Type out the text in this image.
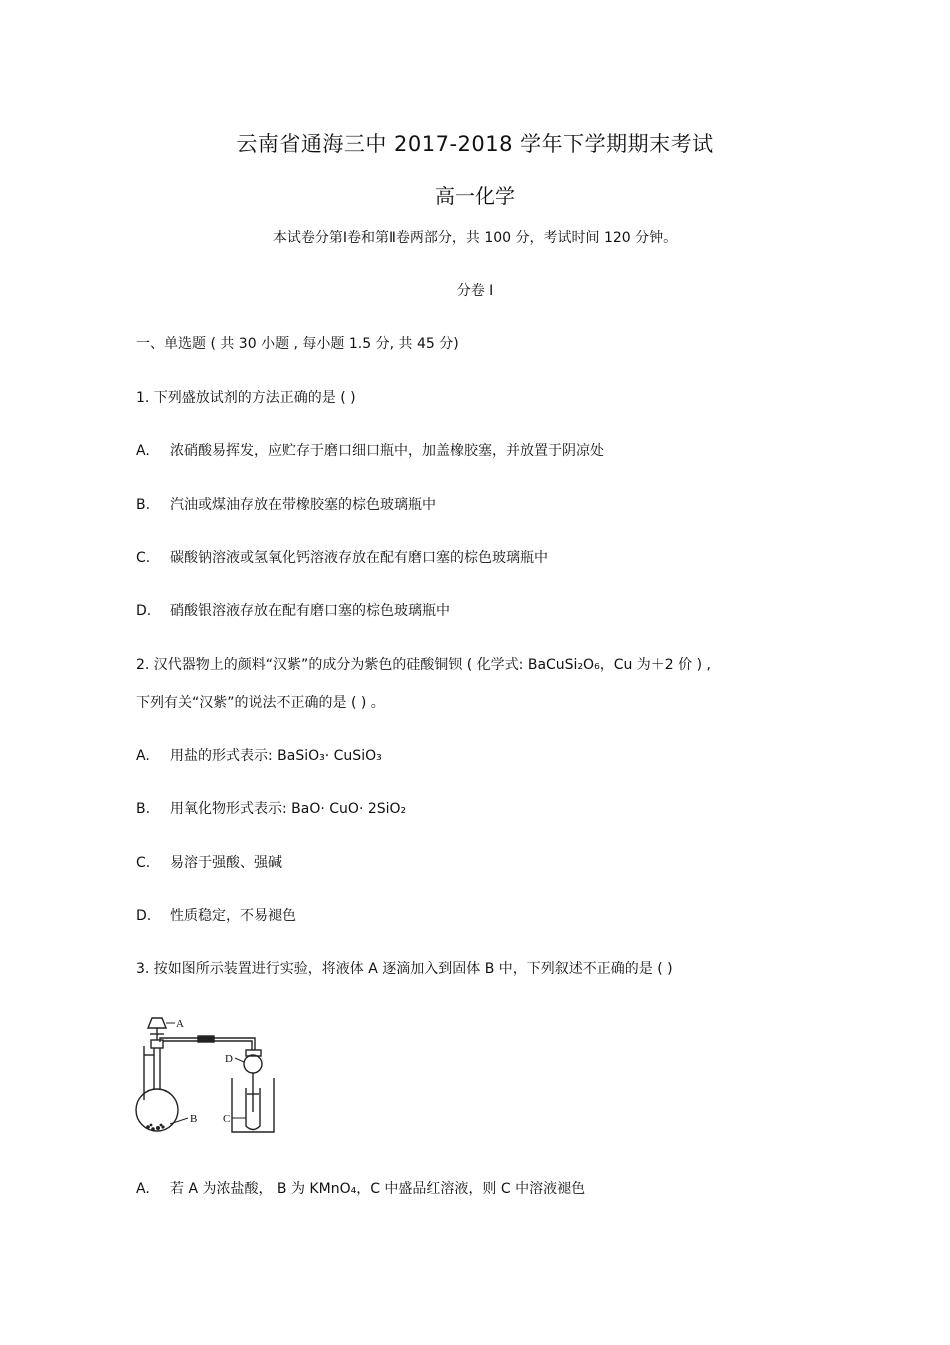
云南省通海三中 2017-2018 学年下学期期末考试
高一化学
本试卷分第Ⅰ卷和第Ⅱ卷两部分，共 100 分，考试时间 120 分钟。
分卷 Ⅰ
一、单选题 ( 共 30 小题 , 每小题 1.5 分, 共 45 分)
1. 下列盛放试剂的方法正确的是 ( )
A. 浓硝酸易挥发，应贮存于磨口细口瓶中，加盖橡胶塞，并放置于阴凉处
B. 汽油或煤油存放在带橡胶塞的棕色玻璃瓶中
C. 碳酸钠溶液或氢氧化钙溶液存放在配有磨口塞的棕色玻璃瓶中
D. 硝酸银溶液存放在配有磨口塞的棕色玻璃瓶中
2. 汉代器物上的颜料“汉紫”的成分为紫色的硅酸铜钡 ( 化学式: BaCuSi₂O₆，Cu 为＋2 价 ) ,
下列有关“汉紫”的说法不正确的是 ( ) 。
A. 用盐的形式表示: BaSiO₃· CuSiO₃
B. 用氧化物形式表示: BaO· CuO· 2SiO₂
C. 易溶于强酸、强碱
D. 性质稳定，不易褪色
3. 按如图所示装置进行实验，将液体 A 逐滴加入到固体 B 中，下列叙述不正确的是 ( )
A
B C
D
A. 若 A 为浓盐酸， B 为 KMnO₄，C 中盛品红溶液，则 C 中溶液褪色
